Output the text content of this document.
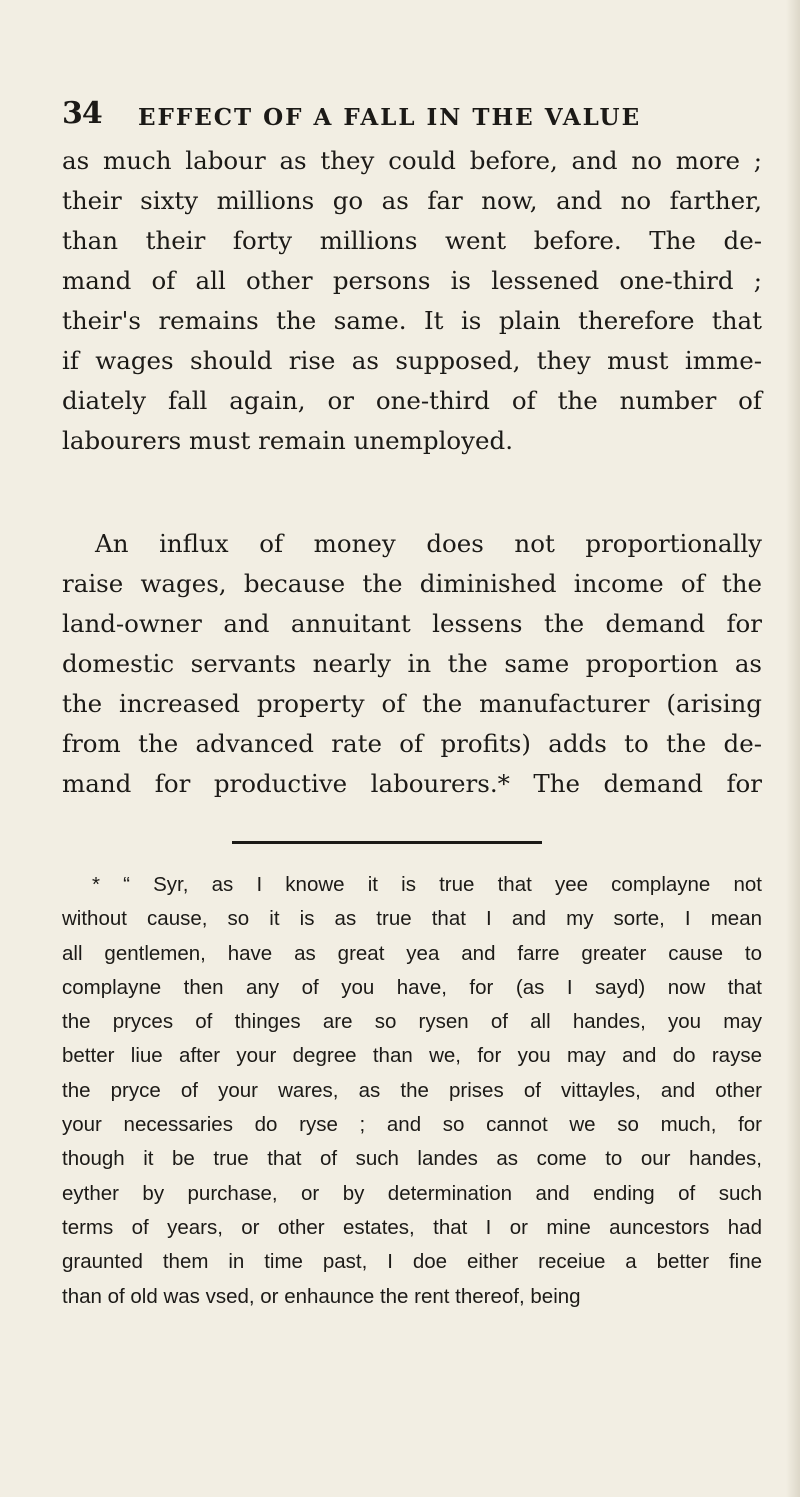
34 EFFECT OF A FALL IN THE VALUE
as much labour as they could before, and no more ;
their sixty millions go as far now, and no farther,
than their forty millions went before. The de-
mand of all other persons is lessened one-third ;
their's remains the same. It is plain therefore that
if wages should rise as supposed, they must imme-
diately fall again, or one-third of the number of
labourers must remain unemployed.
An influx of money does not proportionally
raise wages, because the diminished income of the
land-owner and annuitant lessens the demand for
domestic servants nearly in the same proportion as
the increased property of the manufacturer (arising
from the advanced rate of profits) adds to the de-
mand for productive labourers.* The demand for
* “ Syr, as I knowe it is true that yee complayne not
without cause, so it is as true that I and my sorte, I mean
all gentlemen, have as great yea and farre greater cause to
complayne then any of you have, for (as I sayd) now that
the pryces of thinges are so rysen of all handes, you may
better liue after your degree than we, for you may and do rayse
the pryce of your wares, as the prises of vittayles, and other
your necessaries do ryse ; and so cannot we so much, for
though it be true that of such landes as come to our handes,
eyther by purchase, or by determination and ending of such
terms of years, or other estates, that I or mine auncestors had
graunted them in time past, I doe either receiue a better fine
than of old was vsed, or enhaunce the rent thereof, being
